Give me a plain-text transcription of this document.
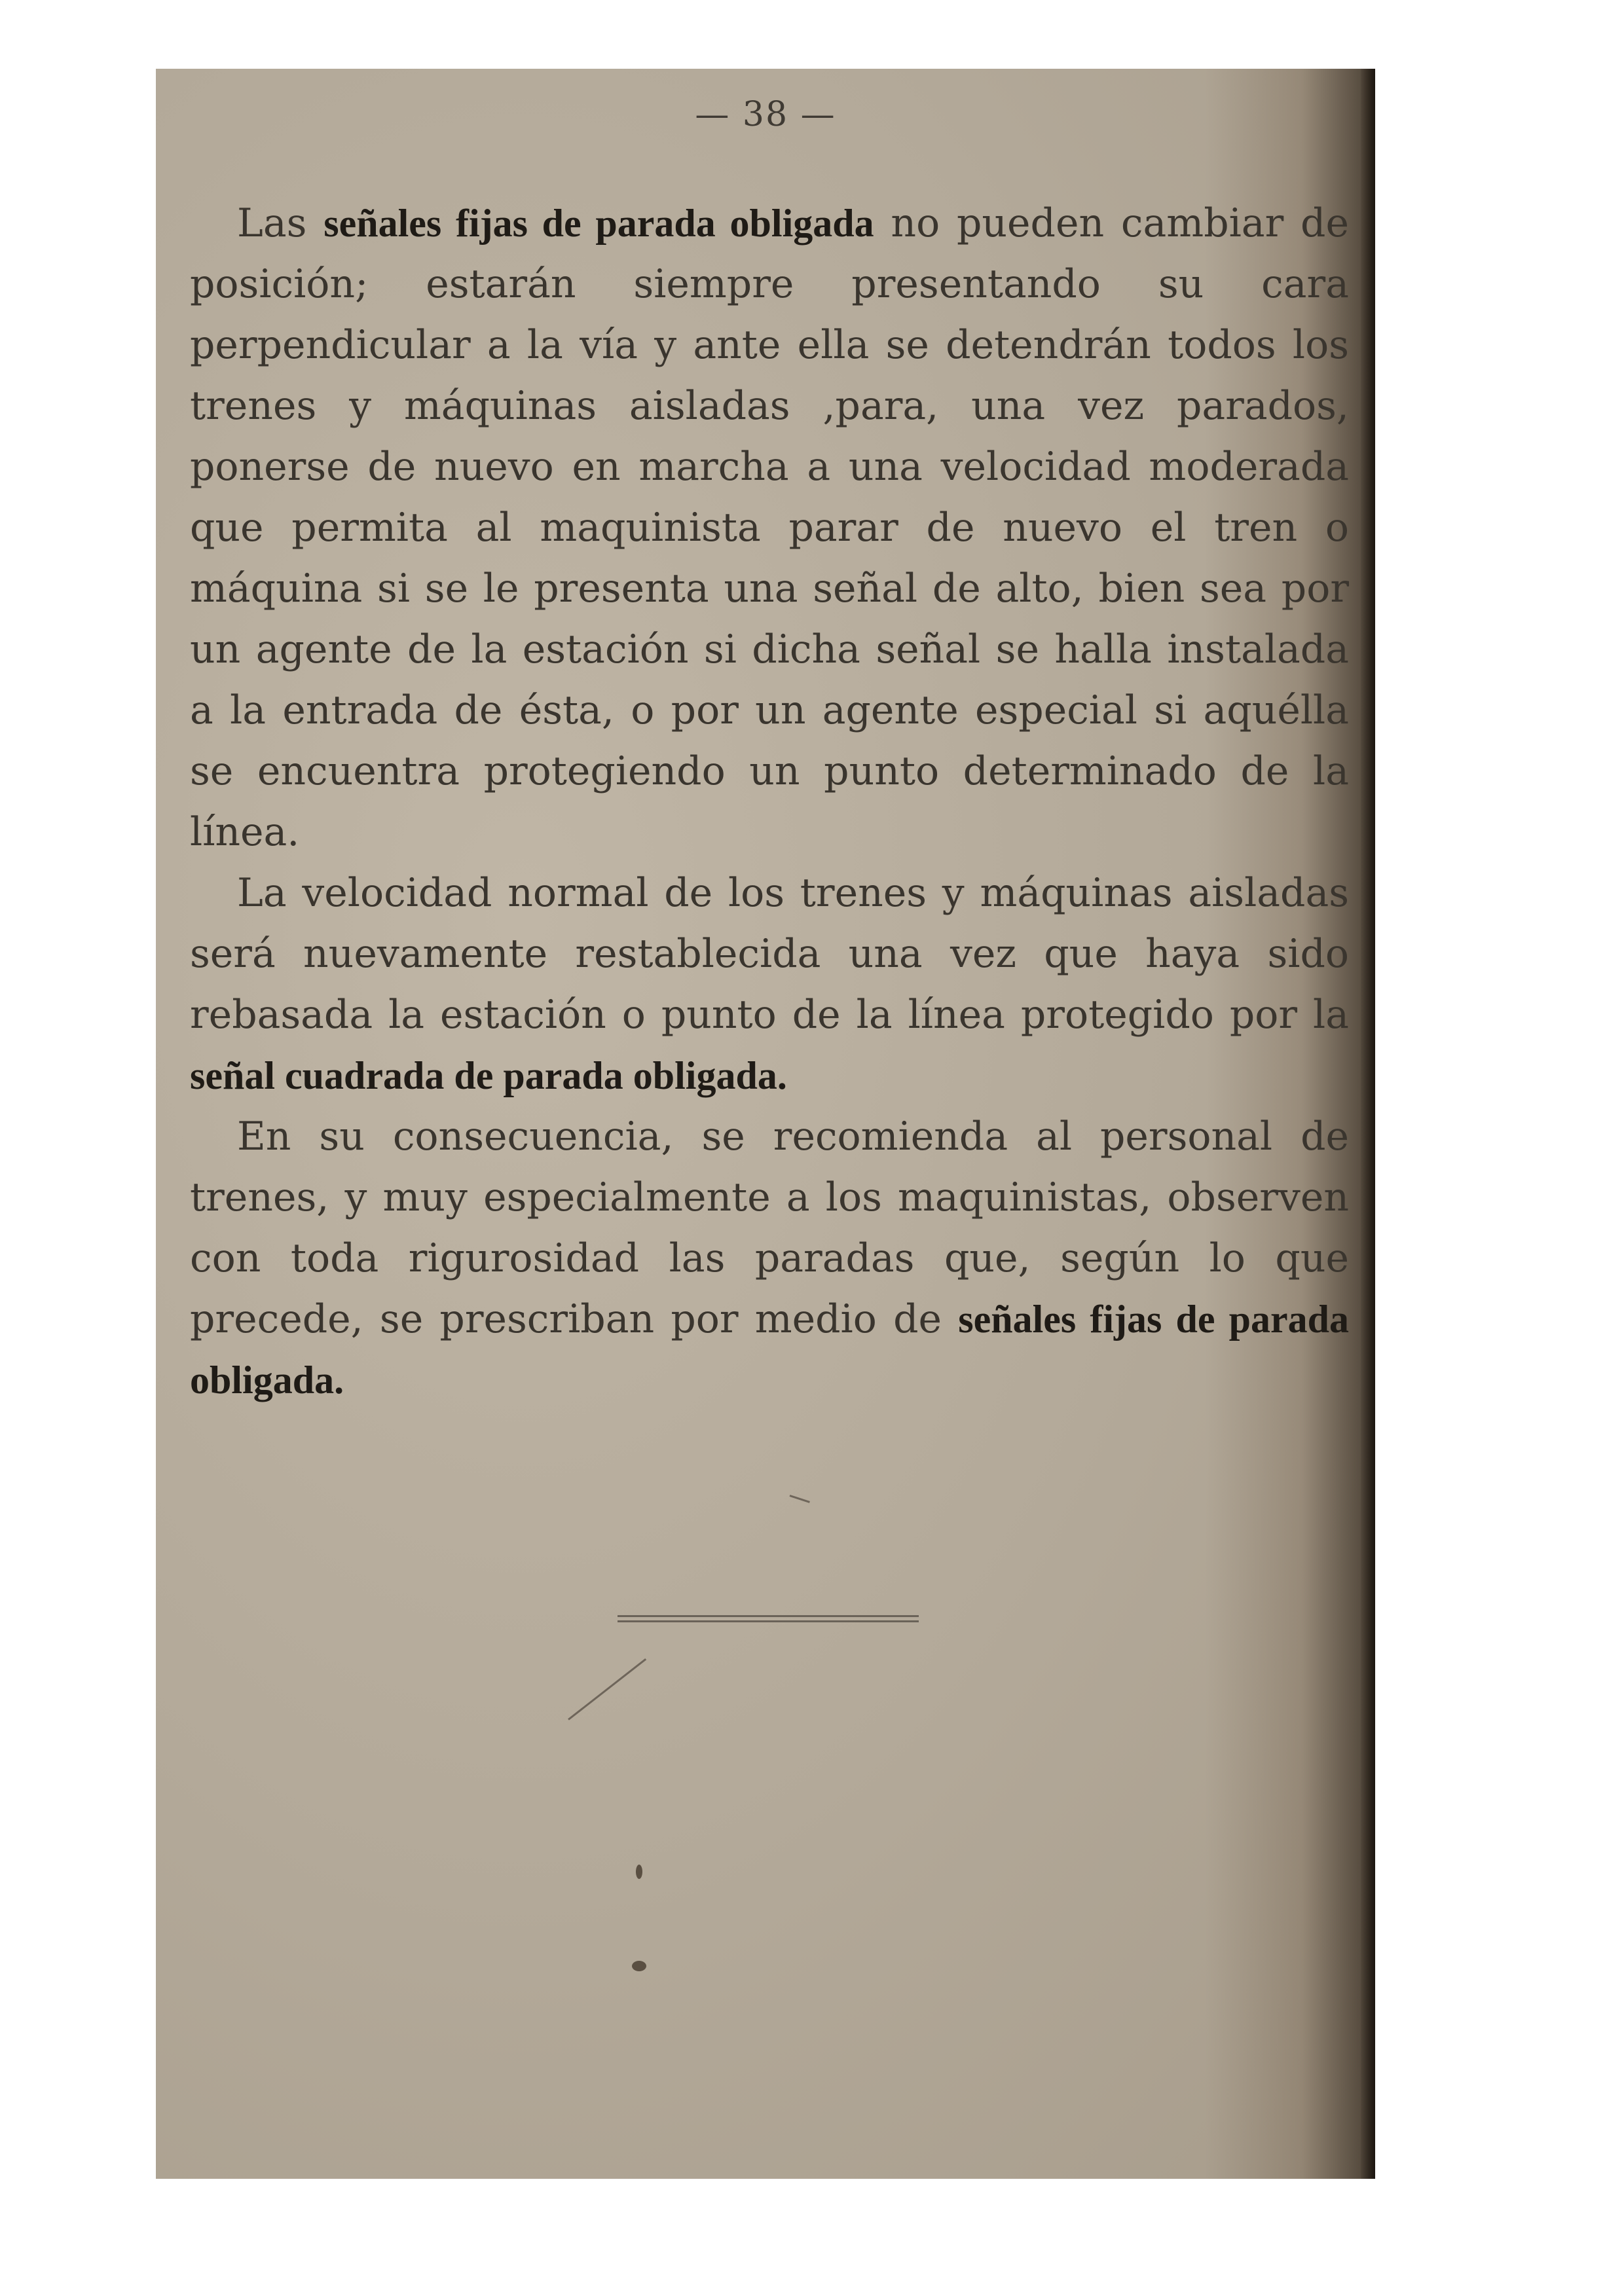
— 38 —

Las señales fijas de parada obligada no pueden cambiar de posición; estarán siempre presentando su cara perpendicular a la vía y ante ella se detendrán todos los trenes y máquinas aisladas ,para, una vez parados, ponerse de nuevo en marcha a una velocidad moderada que permita al maquinista parar de nuevo el tren o máquina si se le presenta una señal de alto, bien sea por un agente de la estación si dicha señal se halla instalada a la entrada de ésta, o por un agente especial si aquélla se encuentra protegiendo un punto determinado de la línea.

La velocidad normal de los trenes y máquinas aisladas será nuevamente restablecida una vez que haya sido rebasada la estación o punto de la línea protegido por la señal cuadrada de parada obligada.

En su consecuencia, se recomienda al personal de trenes, y muy especialmente a los maquinistas, observen con toda rigurosidad las paradas que, según lo que precede, se prescriban por medio de señales fijas de parada obligada.
